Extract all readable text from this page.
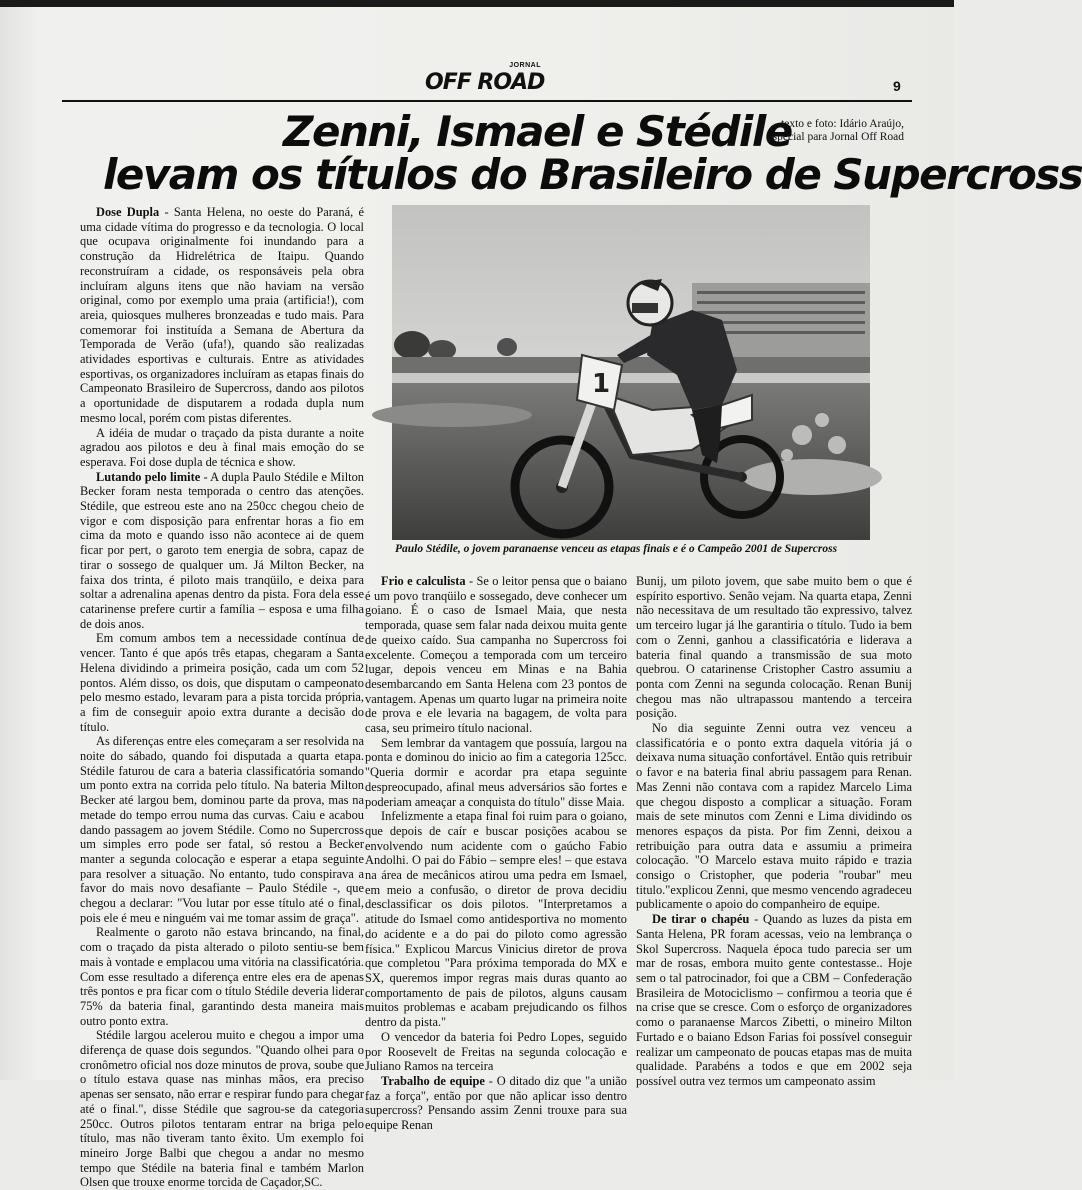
JORNAL
OFF ROAD	9
Zenni, Ismael e Stédile
levam os títulos do Brasileiro de Supercross
texto e foto: Idário Araújo,
especial para Jornal Off Road

Dose Dupla - Santa Helena, no oeste do Paraná, é uma cidade vítima do progresso e da tecnologia. O local que ocupava originalmente foi inundando para a construção da Hidrelétrica de Itaipu. Quando reconstruíram a cidade, os responsáveis pela obra incluíram alguns itens que não haviam na versão original, como por exemplo uma praia (artificia!), com areia, quiosques mulheres bronzeadas e tudo mais. Para comemorar foi instituída a Semana de Abertura da Temporada de Verão (ufa!), quando são realizadas atividades esportivas e culturais. Entre as atividades esportivas, os organizadores incluíram as etapas finais do Campeonato Brasileiro de Supercross, dando aos pilotos a oportunidade de disputarem a rodada dupla num mesmo local, porém com pistas diferentes.

A idéia de mudar o traçado da pista durante a noite agradou aos pilotos e deu à final mais emoção do se esperava. Foi dose dupla de técnica e show.

Lutando pelo limite - A dupla Paulo Stédile e Milton Becker foram nesta temporada o centro das atenções. Stédile, que estreou este ano na 250cc chegou cheio de vigor e com disposição para enfrentar horas a fio em cima da moto e quando isso não acontece ai de quem ficar por pert, o garoto tem energia de sobra, capaz de tirar o sossego de qualquer um. Já Milton Becker, na faixa dos trinta, é piloto mais tranqüilo, e deixa para soltar a adrenalina apenas dentro da pista. Fora dela esse catarinense prefere curtir a família – esposa e uma filha de dois anos.

Em comum ambos tem a necessidade contínua de vencer. Tanto é que após três etapas, chegaram a Santa Helena dividindo a primeira posição, cada um com 52 pontos. Além disso, os dois, que disputam o campeonato pelo mesmo estado, levaram para a pista torcida própria, a fim de conseguir apoio extra durante a decisão do título.

As diferenças entre eles começaram a ser resolvida na noite do sábado, quando foi disputada a quarta etapa. Stédile faturou de cara a bateria classificatória somando um ponto extra na corrida pelo título. Na bateria Milton Becker até largou bem, dominou parte da prova, mas na metade do tempo errou numa das curvas. Caiu e acabou dando passagem ao jovem Stédile. Como no Supercross um simples erro pode ser fatal, só restou a Becker manter a segunda colocação e esperar a etapa seguinte para resolver a situação. No entanto, tudo conspirava a favor do mais novo desafiante – Paulo Stédile -, que chegou a declarar: "Vou lutar por esse título até o final, pois ele é meu e ninguém vai me tomar assim de graça".

Realmente o garoto não estava brincando, na final, com o traçado da pista alterado o piloto sentiu-se bem mais à vontade e emplacou uma vitória na classificatória. Com esse resultado a diferença entre eles era de apenas três pontos e pra ficar com o título Stédile deveria liderar 75% da bateria final, garantindo desta maneira mais outro ponto extra.

Stédile largou acelerou muito e chegou a impor uma diferença de quase dois segundos. "Quando olhei para o cronômetro oficial nos doze minutos de prova, soube que o título estava quase nas minhas mãos, era preciso apenas ser sensato, não errar e respirar fundo para chegar até o final.", disse Stédile que sagrou-se da categoria 250cc. Outros pilotos tentaram entrar na briga pelo título, mas não tiveram tanto êxito. Um exemplo foi mineiro Jorge Balbi que chegou a andar no mesmo tempo que Stédile na bateria final e também Marlon Olsen que trouxe enorme torcida de Caçador,SC.

1
Paulo Stédile, o jovem paranaense venceu as etapas finais e é o Campeão 2001 de Supercross

Frio e calculista - Se o leitor pensa que o baiano é um povo tranqüilo e sossegado, deve conhecer um goiano. É o caso de Ismael Maia, que nesta temporada, quase sem falar nada deixou muita gente de queixo caído. Sua campanha no Supercross foi excelente. Começou a temporada com um terceiro lugar, depois venceu em Minas e na Bahia desembarcando em Santa Helena com 23 pontos de vantagem. Apenas um quarto lugar na primeira noite de prova e ele levaria na bagagem, de volta para casa, seu primeiro título nacional.

Sem lembrar da vantagem que possuía, largou na ponta e dominou do inicio ao fim a categoria 125cc. "Queria dormir e acordar pra etapa seguinte despreocupado, afinal meus adversários são fortes e poderiam ameaçar a conquista do título" disse Maia.

Infelizmente a etapa final foi ruim para o goiano, que depois de caír e buscar posições acabou se envolvendo num acidente com o gaúcho Fabio Andolhi. O pai do Fábio – sempre eles! – que estava na área de mecânicos atirou uma pedra em Ismael, em meio a confusão, o diretor de prova decidiu desclassificar os dois pilotos. "Interpretamos a atitude do Ismael como antidesportiva no momento do acidente e a do pai do piloto como agressão física." Explicou Marcus Vinicius diretor de prova que completou "Para próxima temporada do MX e SX, queremos impor regras mais duras quanto ao comportamento de pais de pilotos, alguns causam muitos problemas e acabam prejudicando os filhos dentro da pista."

O vencedor da bateria foi Pedro Lopes, seguido por Roosevelt de Freitas na segunda colocação e Juliano Ramos na terceira

Trabalho de equipe - O ditado diz que "a união faz a força", então por que não aplicar isso dentro supercross? Pensando assim Zenni trouxe para sua equipe Renan

Bunij, um piloto jovem, que sabe muito bem o que é espírito esportivo. Senão vejam. Na quarta etapa, Zenni não necessitava de um resultado tão expressivo, talvez um terceiro lugar já lhe garantiria o título. Tudo ia bem com o Zenni, ganhou a classificatória e liderava a bateria final quando a transmissão de sua moto quebrou. O catarinense Cristopher Castro assumiu a ponta com Zenni na segunda colocação. Renan Bunij chegou mas não ultrapassou mantendo a terceira posição.

No dia seguinte Zenni outra vez venceu a classificatória e o ponto extra daquela vitória já o deixava numa situação confortável. Então quis retribuir o favor e na bateria final abriu passagem para Renan. Mas Zenni não contava com a rapidez Marcelo Lima que chegou disposto a complicar a situação. Foram mais de sete minutos com Zenni e Lima dividindo os menores espaços da pista. Por fim Zenni, deixou a retribuição para outra data e assumiu a primeira colocação. "O Marcelo estava muito rápido e trazia consigo o Cristopher, que poderia "roubar" meu titulo."explicou Zenni, que mesmo vencendo agradeceu publicamente o apoio do companheiro de equipe.

De tirar o chapéu - Quando as luzes da pista em Santa Helena, PR foram acessas, veio na lembrança o Skol Supercross. Naquela época tudo parecia ser um mar de rosas, embora muito gente contestasse.. Hoje sem o tal patrocinador, foi que a CBM – Confederação Brasileira de Motociclismo – confirmou a teoria que é na crise que se cresce. Com o esforço de organizadores como o paranaense Marcos Zibetti, o mineiro Milton Furtado e o baiano Edson Farias foi possível conseguir realizar um campeonato de poucas etapas mas de muita qualidade. Parabéns a todos e que em 2002 seja possível outra vez termos um campeonato assim
